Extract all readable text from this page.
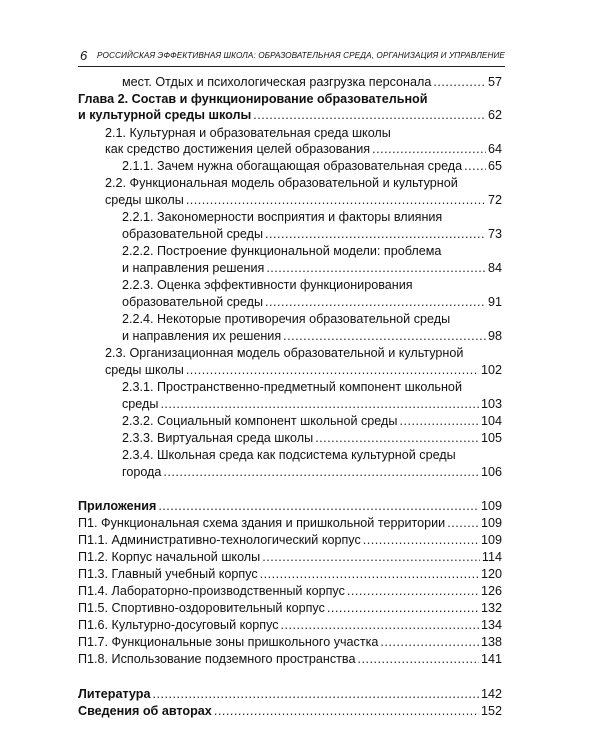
6 РОССИЙСКАЯ ЭФФЕКТИВНАЯ ШКОЛА: ОБРАЗОВАТЕЛЬНАЯ СРЕДА, ОРГАНИЗАЦИЯ И УПРАВЛЕНИЕ
мест. Отдых и психологическая разгрузка персонала .....	57
Глава 2. Состав и функционирование образовательной
и культурной среды школы .....	62
2.1. Культурная и образовательная среда школы
как средство достижения целей образования .....	64
2.1.1. Зачем нужна обогащающая образовательная среда ..... 65
2.2. Функциональная модель образовательной и культурной
среды школы .....	72
2.2.1. Закономерности восприятия и факторы влияния
образовательной среды .....	73
2.2.2. Построение функциональной модели: проблема
и направления решения .....	84
2.2.3. Оценка эффективности функционирования
образовательной среды .....	91
2.2.4. Некоторые противоречия образовательной среды
и направления их решения .....	98
2.3. Организационная модель образовательной и культурной
среды школы .....	102
2.3.1. Пространственно-предметный компонент школьной
среды .....	103
2.3.2. Социальный компонент школьной среды .....	104
2.3.3. Виртуальная среда школы .....	105
2.3.4. Школьная среда как подсистема культурной среды
города .....	106
Приложения .....	109
П1. Функциональная схема здания и пришкольной территории .....	109
П1.1. Административно-технологический корпус .....	109
П1.2. Корпус начальной школы .....	114
П1.3. Главный учебный корпус .....	120
П1.4. Лабораторно-производственный корпус .....	126
П1.5. Спортивно-оздоровительный корпус .....	132
П1.6. Культурно-досуговый корпус .....	134
П1.7. Функциональные зоны пришкольного участка .....	138
П1.8. Использование подземного пространства .....	141
Литература .....	142
Сведения об авторах .....	152
